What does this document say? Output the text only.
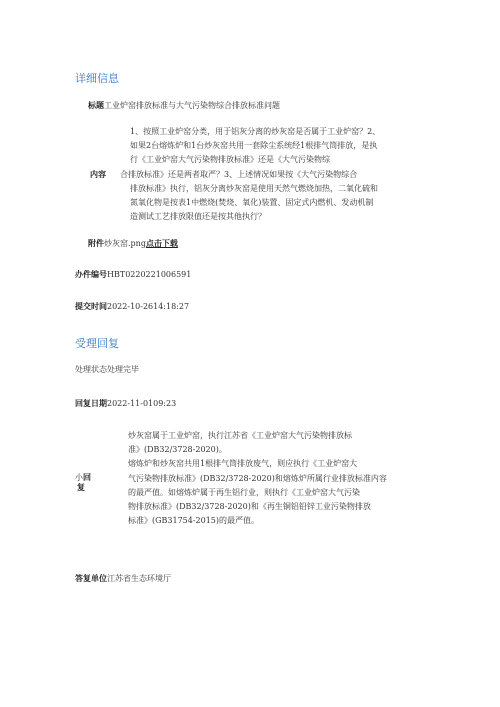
详细信息
标题工业炉窑排放标准与大气污染物综合排放标准问题

1、按照工业炉窑分类，用于铝灰分离的炒灰窑是否属于工业炉窑？2、

如果2台熔炼炉和1台炒灰窑共用一套除尘系统经1根排气筒排放，是执

行《工业炉窑大气污染物排放标准》还是《大气污染物综

合排放标准》还是两者取严？3、上述情况如果按《大气污染物综合

排放标准》执行，铝灰分离炒灰窑是使用天然气燃烧加热，二氧化硫和

氮氧化物是按表1中燃烧(焚烧、氧化)装置、固定式内燃机、发动机制

造测试工艺排放限值还是按其他执行？

内容
附件炒灰窑.png点击下载
办件编号HBT0220221006591
提交时间2022-10-2614:18:27
受理回复
处理状态处理完毕
回复日期2022-11-0109:23

炒灰窑属于工业炉窑，执行江苏省《工业炉窑大气污染物排放标

准》(DB32/3728-2020)。

熔炼炉和炒灰窑共用1根排气筒排放废气，则应执行《工业炉窑大

气污染物排放标准》(DB32/3728-2020)和熔炼炉所属行业排放标准内容

的最严值。如熔炼炉属于再生铝行业，则执行《工业炉窑大气污染

物排放标准》(DB32/3728-2020)和《再生铜铝铅锌工业污染物排放

标准》(GB31754-2015)的最严值。

小回
复
答复单位江苏省生态环境厅
